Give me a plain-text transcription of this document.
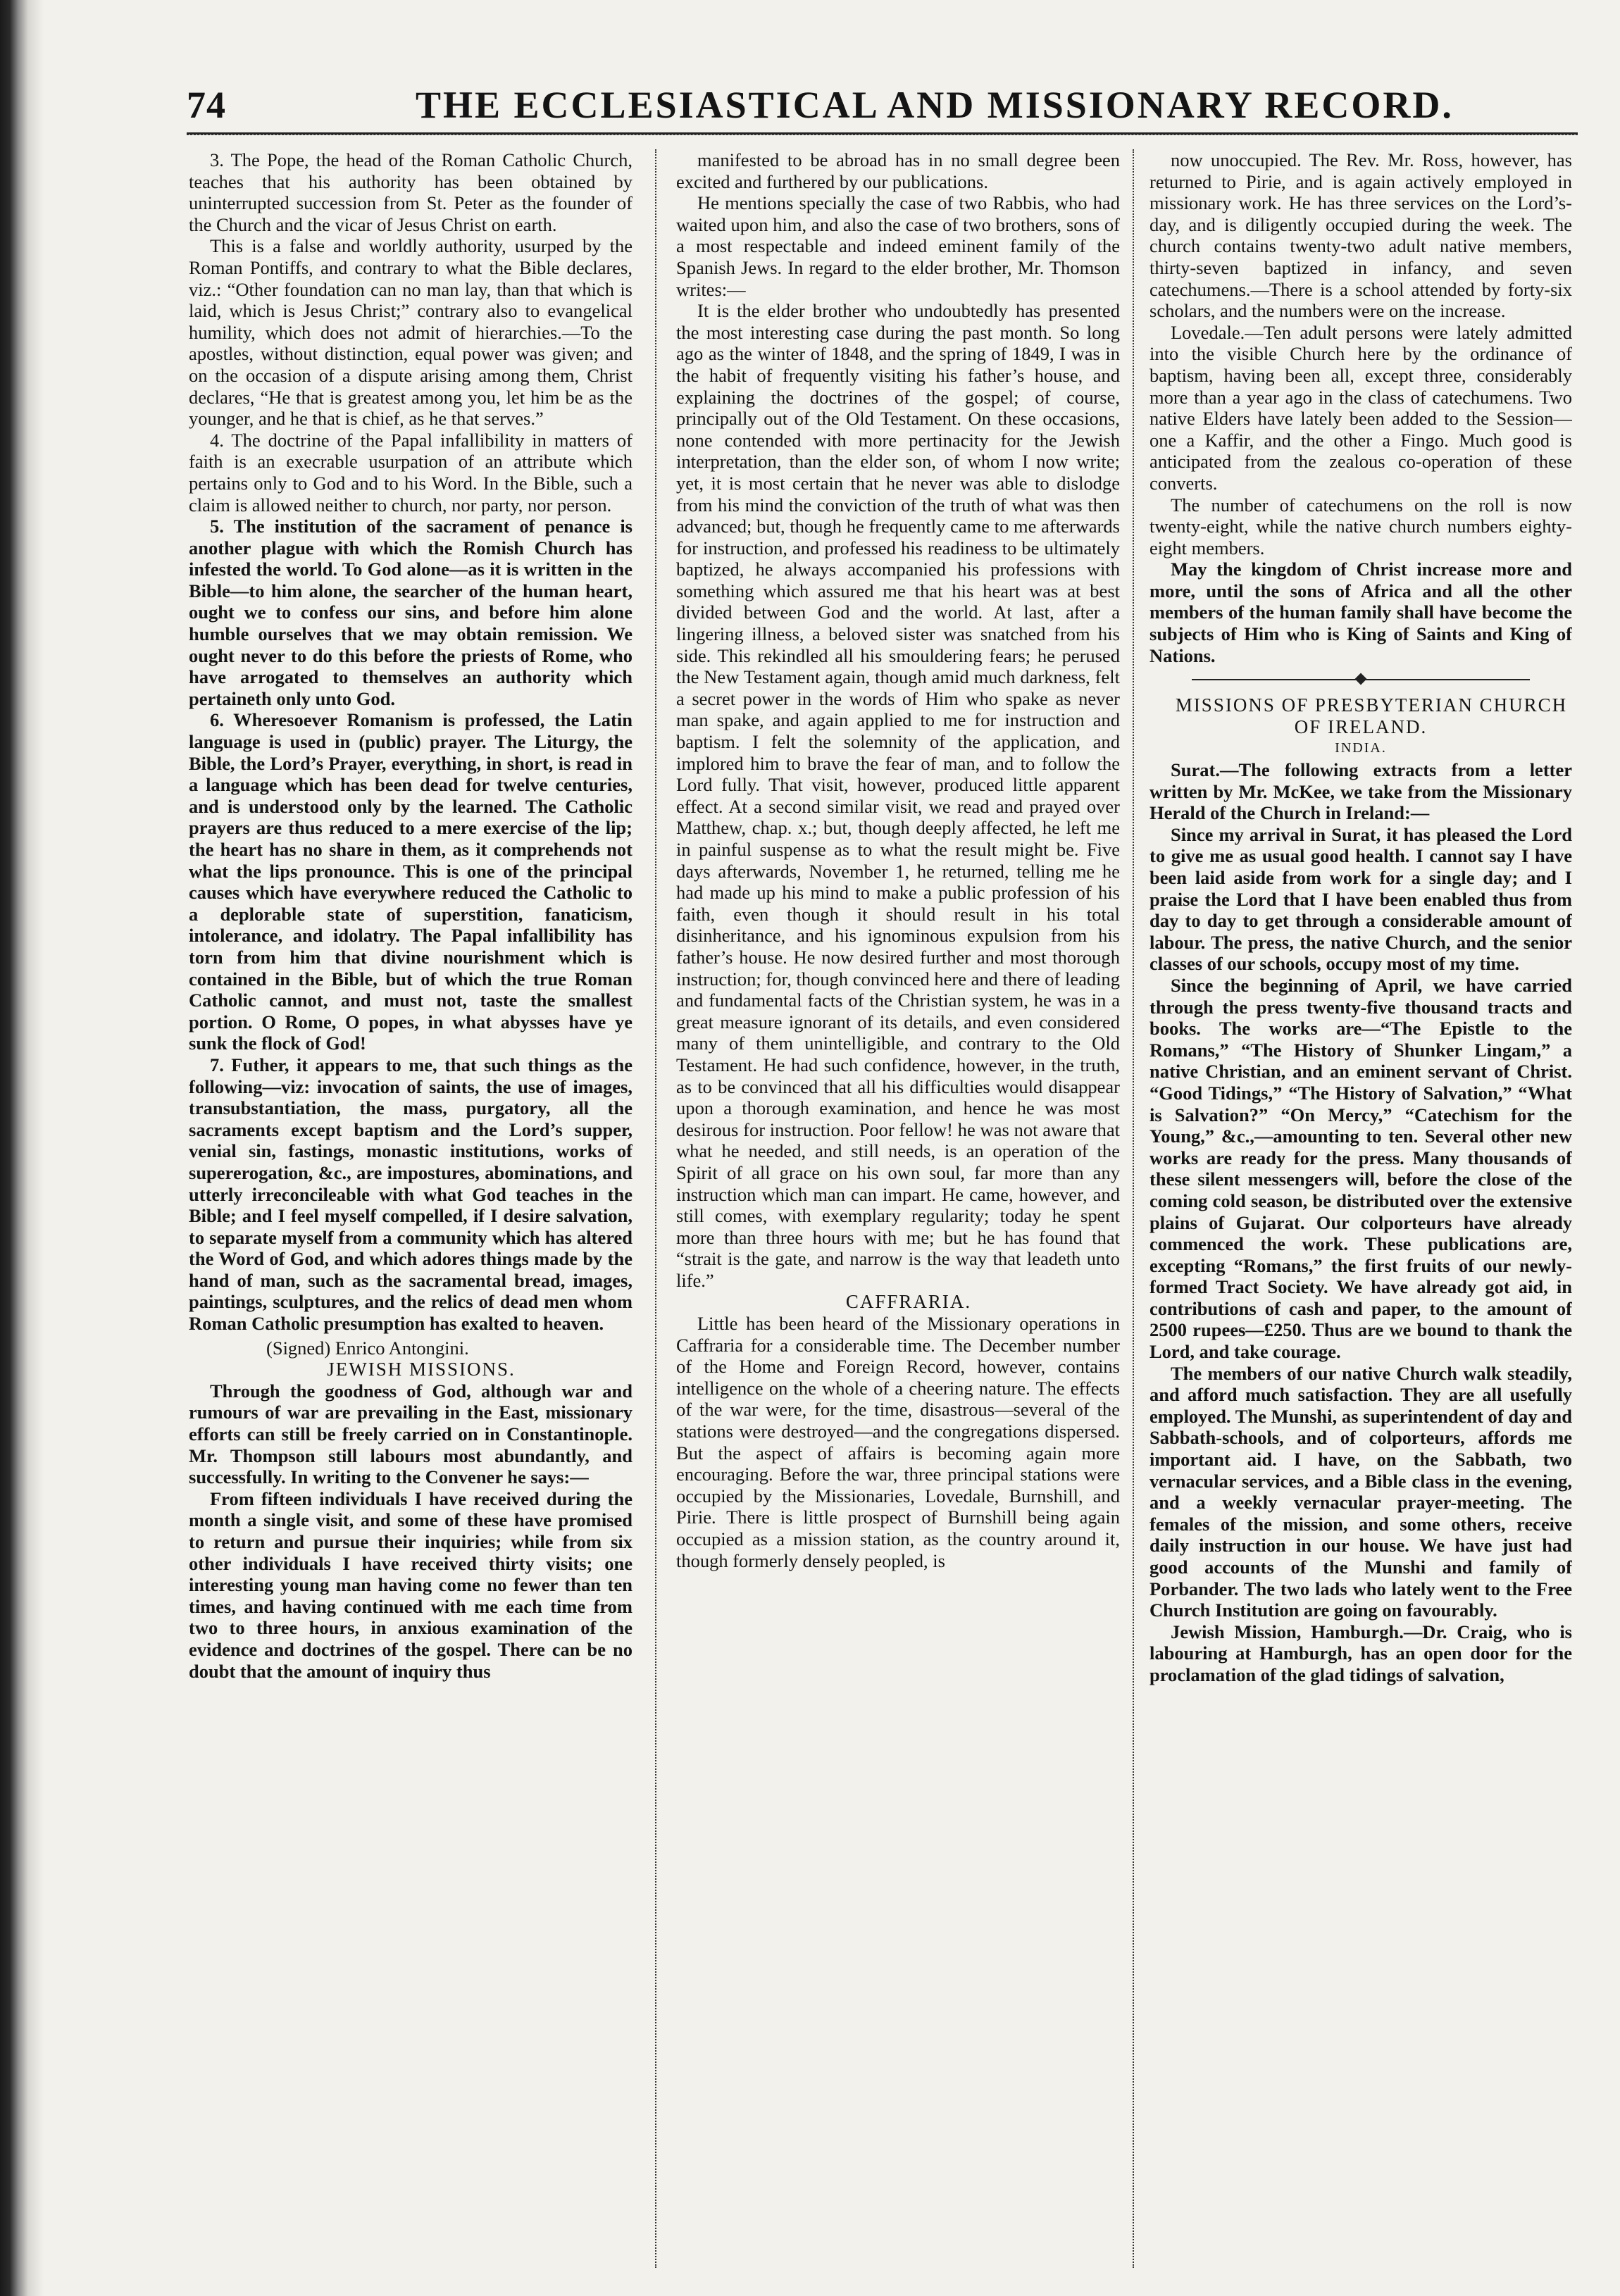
74	THE ECCLESIASTICAL AND MISSIONARY RECORD.

3. The Pope, the head of the Roman Catholic Church, teaches that his authority has been obtained by uninterrupted succession from St. Peter as the founder of the Church and the vicar of Jesus Christ on earth.

This is a false and worldly authority, usurped by the Roman Pontiffs, and contrary to what the Bible declares, viz.: “Other foundation can no man lay, than that which is laid, which is Jesus Christ;” contrary also to evangelical humility, which does not admit of hierarchies.—To the apostles, without distinction, equal power was given; and on the occasion of a dispute arising among them, Christ declares, “He that is greatest among you, let him be as the younger, and he that is chief, as he that serves.”

4. The doctrine of the Papal infallibility in matters of faith is an execrable usurpation of an attribute which pertains only to God and to his Word. In the Bible, such a claim is allowed neither to church, nor party, nor person.

5. The institution of the sacrament of penance is another plague with which the Romish Church has infested the world. To God alone—as it is written in the Bible—to him alone, the searcher of the human heart, ought we to confess our sins, and before him alone humble ourselves that we may obtain remission. We ought never to do this before the priests of Rome, who have arrogated to themselves an authority which pertaineth only unto God.

6. Wheresoever Romanism is professed, the Latin language is used in (public) prayer. The Liturgy, the Bible, the Lord’s Prayer, everything, in short, is read in a language which has been dead for twelve centuries, and is understood only by the learned. The Catholic prayers are thus reduced to a mere exercise of the lip; the heart has no share in them, as it comprehends not what the lips pronounce. This is one of the principal causes which have everywhere reduced the Catholic to a deplorable state of superstition, fanaticism, intolerance, and idolatry. The Papal infallibility has torn from him that divine nourishment which is contained in the Bible, but of which the true Roman Catholic cannot, and must not, taste the smallest portion. O Rome, O popes, in what abysses have ye sunk the flock of God!

7. Futher, it appears to me, that such things as the following—viz: invocation of saints, the use of images, transubstantiation, the mass, purgatory, all the sacraments except baptism and the Lord’s supper, venial sin, fastings, monastic institutions, works of supererogation, &c., are impostures, abominations, and utterly irreconcileable with what God teaches in the Bible; and I feel myself compelled, if I desire salvation, to separate myself from a community which has altered the Word of God, and which adores things made by the hand of man, such as the sacramental bread, images, paintings, sculptures, and the relics of dead men whom Roman Catholic presumption has exalted to heaven.

(Signed) Enrico Antongini.

JEWISH MISSIONS.

Through the goodness of God, although war and rumours of war are prevailing in the East, missionary efforts can still be freely carried on in Constantinople. Mr. Thompson still labours most abundantly, and successfully. In writing to the Convener he says:—

From fifteen individuals I have received during the month a single visit, and some of these have promised to return and pursue their inquiries; while from six other individuals I have received thirty visits; one interesting young man having come no fewer than ten times, and having continued with me each time from two to three hours, in anxious examination of the evidence and doctrines of the gospel. There can be no doubt that the amount of inquiry thus

manifested to be abroad has in no small degree been excited and furthered by our publications.

He mentions specially the case of two Rabbis, who had waited upon him, and also the case of two brothers, sons of a most respectable and indeed eminent family of the Spanish Jews. In regard to the elder brother, Mr. Thomson writes:—

It is the elder brother who undoubtedly has presented the most interesting case during the past month. So long ago as the winter of 1848, and the spring of 1849, I was in the habit of frequently visiting his father’s house, and explaining the doctrines of the gospel; of course, principally out of the Old Testament. On these occasions, none contended with more pertinacity for the Jewish interpretation, than the elder son, of whom I now write; yet, it is most certain that he never was able to dislodge from his mind the conviction of the truth of what was then advanced; but, though he frequently came to me afterwards for instruction, and professed his readiness to be ultimately baptized, he always accompanied his professions with something which assured me that his heart was at best divided between God and the world. At last, after a lingering illness, a beloved sister was snatched from his side. This rekindled all his smouldering fears; he perused the New Testament again, though amid much darkness, felt a secret power in the words of Him who spake as never man spake, and again applied to me for instruction and baptism. I felt the solemnity of the application, and implored him to brave the fear of man, and to follow the Lord fully. That visit, however, produced little apparent effect. At a second similar visit, we read and prayed over Matthew, chap. x.; but, though deeply affected, he left me in painful suspense as to what the result might be. Five days afterwards, November 1, he returned, telling me he had made up his mind to make a public profession of his faith, even though it should result in his total disinheritance, and his ignominous expulsion from his father’s house. He now desired further and most thorough instruction; for, though convinced here and there of leading and fundamental facts of the Christian system, he was in a great measure ignorant of its details, and even considered many of them unintelligible, and contrary to the Old Testament. He had such confidence, however, in the truth, as to be convinced that all his difficulties would disappear upon a thorough examination, and hence he was most desirous for instruction. Poor fellow! he was not aware that what he needed, and still needs, is an operation of the Spirit of all grace on his own soul, far more than any instruction which man can impart. He came, however, and still comes, with exemplary regularity; today he spent more than three hours with me; but he has found that “strait is the gate, and narrow is the way that leadeth unto life.”

CAFFRARIA.

Little has been heard of the Missionary operations in Caffraria for a considerable time. The December number of the Home and Foreign Record, however, contains intelligence on the whole of a cheering nature. The effects of the war were, for the time, disastrous—several of the stations were destroyed—and the congregations dispersed. But the aspect of affairs is becoming again more encouraging. Before the war, three principal stations were occupied by the Missionaries, Lovedale, Burnshill, and Pirie. There is little prospect of Burnshill being again occupied as a mission station, as the country around it, though formerly densely peopled, is

now unoccupied. The Rev. Mr. Ross, however, has returned to Pirie, and is again actively employed in missionary work. He has three services on the Lord’s-day, and is diligently occupied during the week. The church contains twenty-two adult native members, thirty-seven baptized in infancy, and seven catechumens.—There is a school attended by forty-six scholars, and the numbers were on the increase.

Lovedale.—Ten adult persons were lately admitted into the visible Church here by the ordinance of baptism, having been all, except three, considerably more than a year ago in the class of catechumens. Two native Elders have lately been added to the Session—one a Kaffir, and the other a Fingo. Much good is anticipated from the zealous co-operation of these converts.

The number of catechumens on the roll is now twenty-eight, while the native church numbers eighty-eight members.

May the kingdom of Christ increase more and more, until the sons of Africa and all the other members of the human family shall have become the subjects of Him who is King of Saints and King of Nations.

MISSIONS OF PRESBYTERIAN CHURCH OF IRELAND.

INDIA.

Surat.—The following extracts from a letter written by Mr. McKee, we take from the Missionary Herald of the Church in Ireland:—

Since my arrival in Surat, it has pleased the Lord to give me as usual good health. I cannot say I have been laid aside from work for a single day; and I praise the Lord that I have been enabled thus from day to day to get through a considerable amount of labour. The press, the native Church, and the senior classes of our schools, occupy most of my time.

Since the beginning of April, we have carried through the press twenty-five thousand tracts and books. The works are—“The Epistle to the Romans,” “The History of Shunker Lingam,” a native Christian, and an eminent servant of Christ. “Good Tidings,” “The History of Salvation,” “What is Salvation?” “On Mercy,” “Catechism for the Young,” &c.,—amounting to ten. Several other new works are ready for the press. Many thousands of these silent messengers will, before the close of the coming cold season, be distributed over the extensive plains of Gujarat. Our colporteurs have already commenced the work. These publications are, excepting “Romans,” the first fruits of our newly-formed Tract Society. We have already got aid, in contributions of cash and paper, to the amount of 2500 rupees—£250. Thus are we bound to thank the Lord, and take courage.

The members of our native Church walk steadily, and afford much satisfaction. They are all usefully employed. The Munshi, as superintendent of day and Sabbath-schools, and of colporteurs, affords me important aid. I have, on the Sabbath, two vernacular services, and a Bible class in the evening, and a weekly vernacular prayer-meeting. The females of the mission, and some others, receive daily instruction in our house. We have just had good accounts of the Munshi and family of Porbander. The two lads who lately went to the Free Church Institution are going on favourably.

Jewish Mission, Hamburgh.—Dr. Craig, who is labouring at Hamburgh, has an open door for the proclamation of the glad tidings of salvation,
